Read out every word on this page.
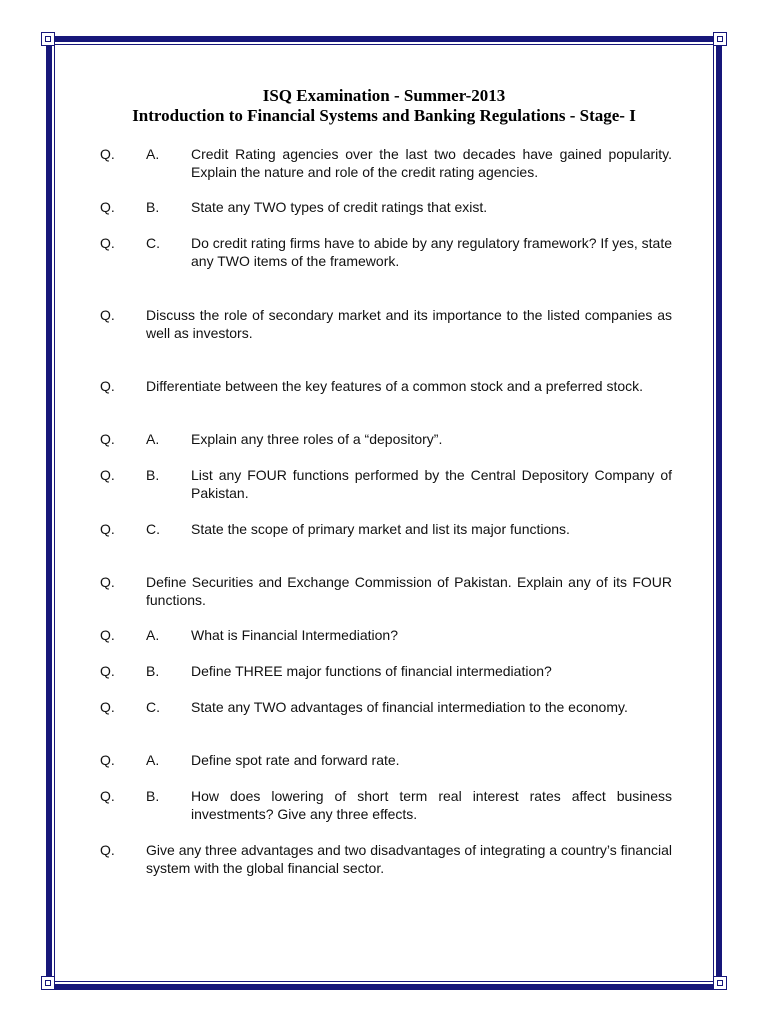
ISQ Examination - Summer-2013
Introduction to Financial Systems and Banking Regulations - Stage- I
Q. A. Credit Rating agencies over the last two decades have gained popularity. Explain the nature and role of the credit rating agencies.
Q. B. State any TWO types of credit ratings that exist.
Q. C. Do credit rating firms have to abide by any regulatory framework? If yes, state any TWO items of the framework.
Q. Discuss the role of secondary market and its importance to the listed companies as well as investors.
Q. Differentiate between the key features of a common stock and a preferred stock.
Q. A. Explain any three roles of a “depository”.
Q. B. List any FOUR functions performed by the Central Depository Company of Pakistan.
Q. C. State the scope of primary market and list its major functions.
Q. Define Securities and Exchange Commission of Pakistan. Explain any of its FOUR functions.
Q. A. What is Financial Intermediation?
Q. B. Define THREE major functions of financial intermediation?
Q. C. State any TWO advantages of financial intermediation to the economy.
Q. A. Define spot rate and forward rate.
Q. B. How does lowering of short term real interest rates affect business investments? Give any three effects.
Q. Give any three advantages and two disadvantages of integrating a country’s financial system with the global financial sector.
